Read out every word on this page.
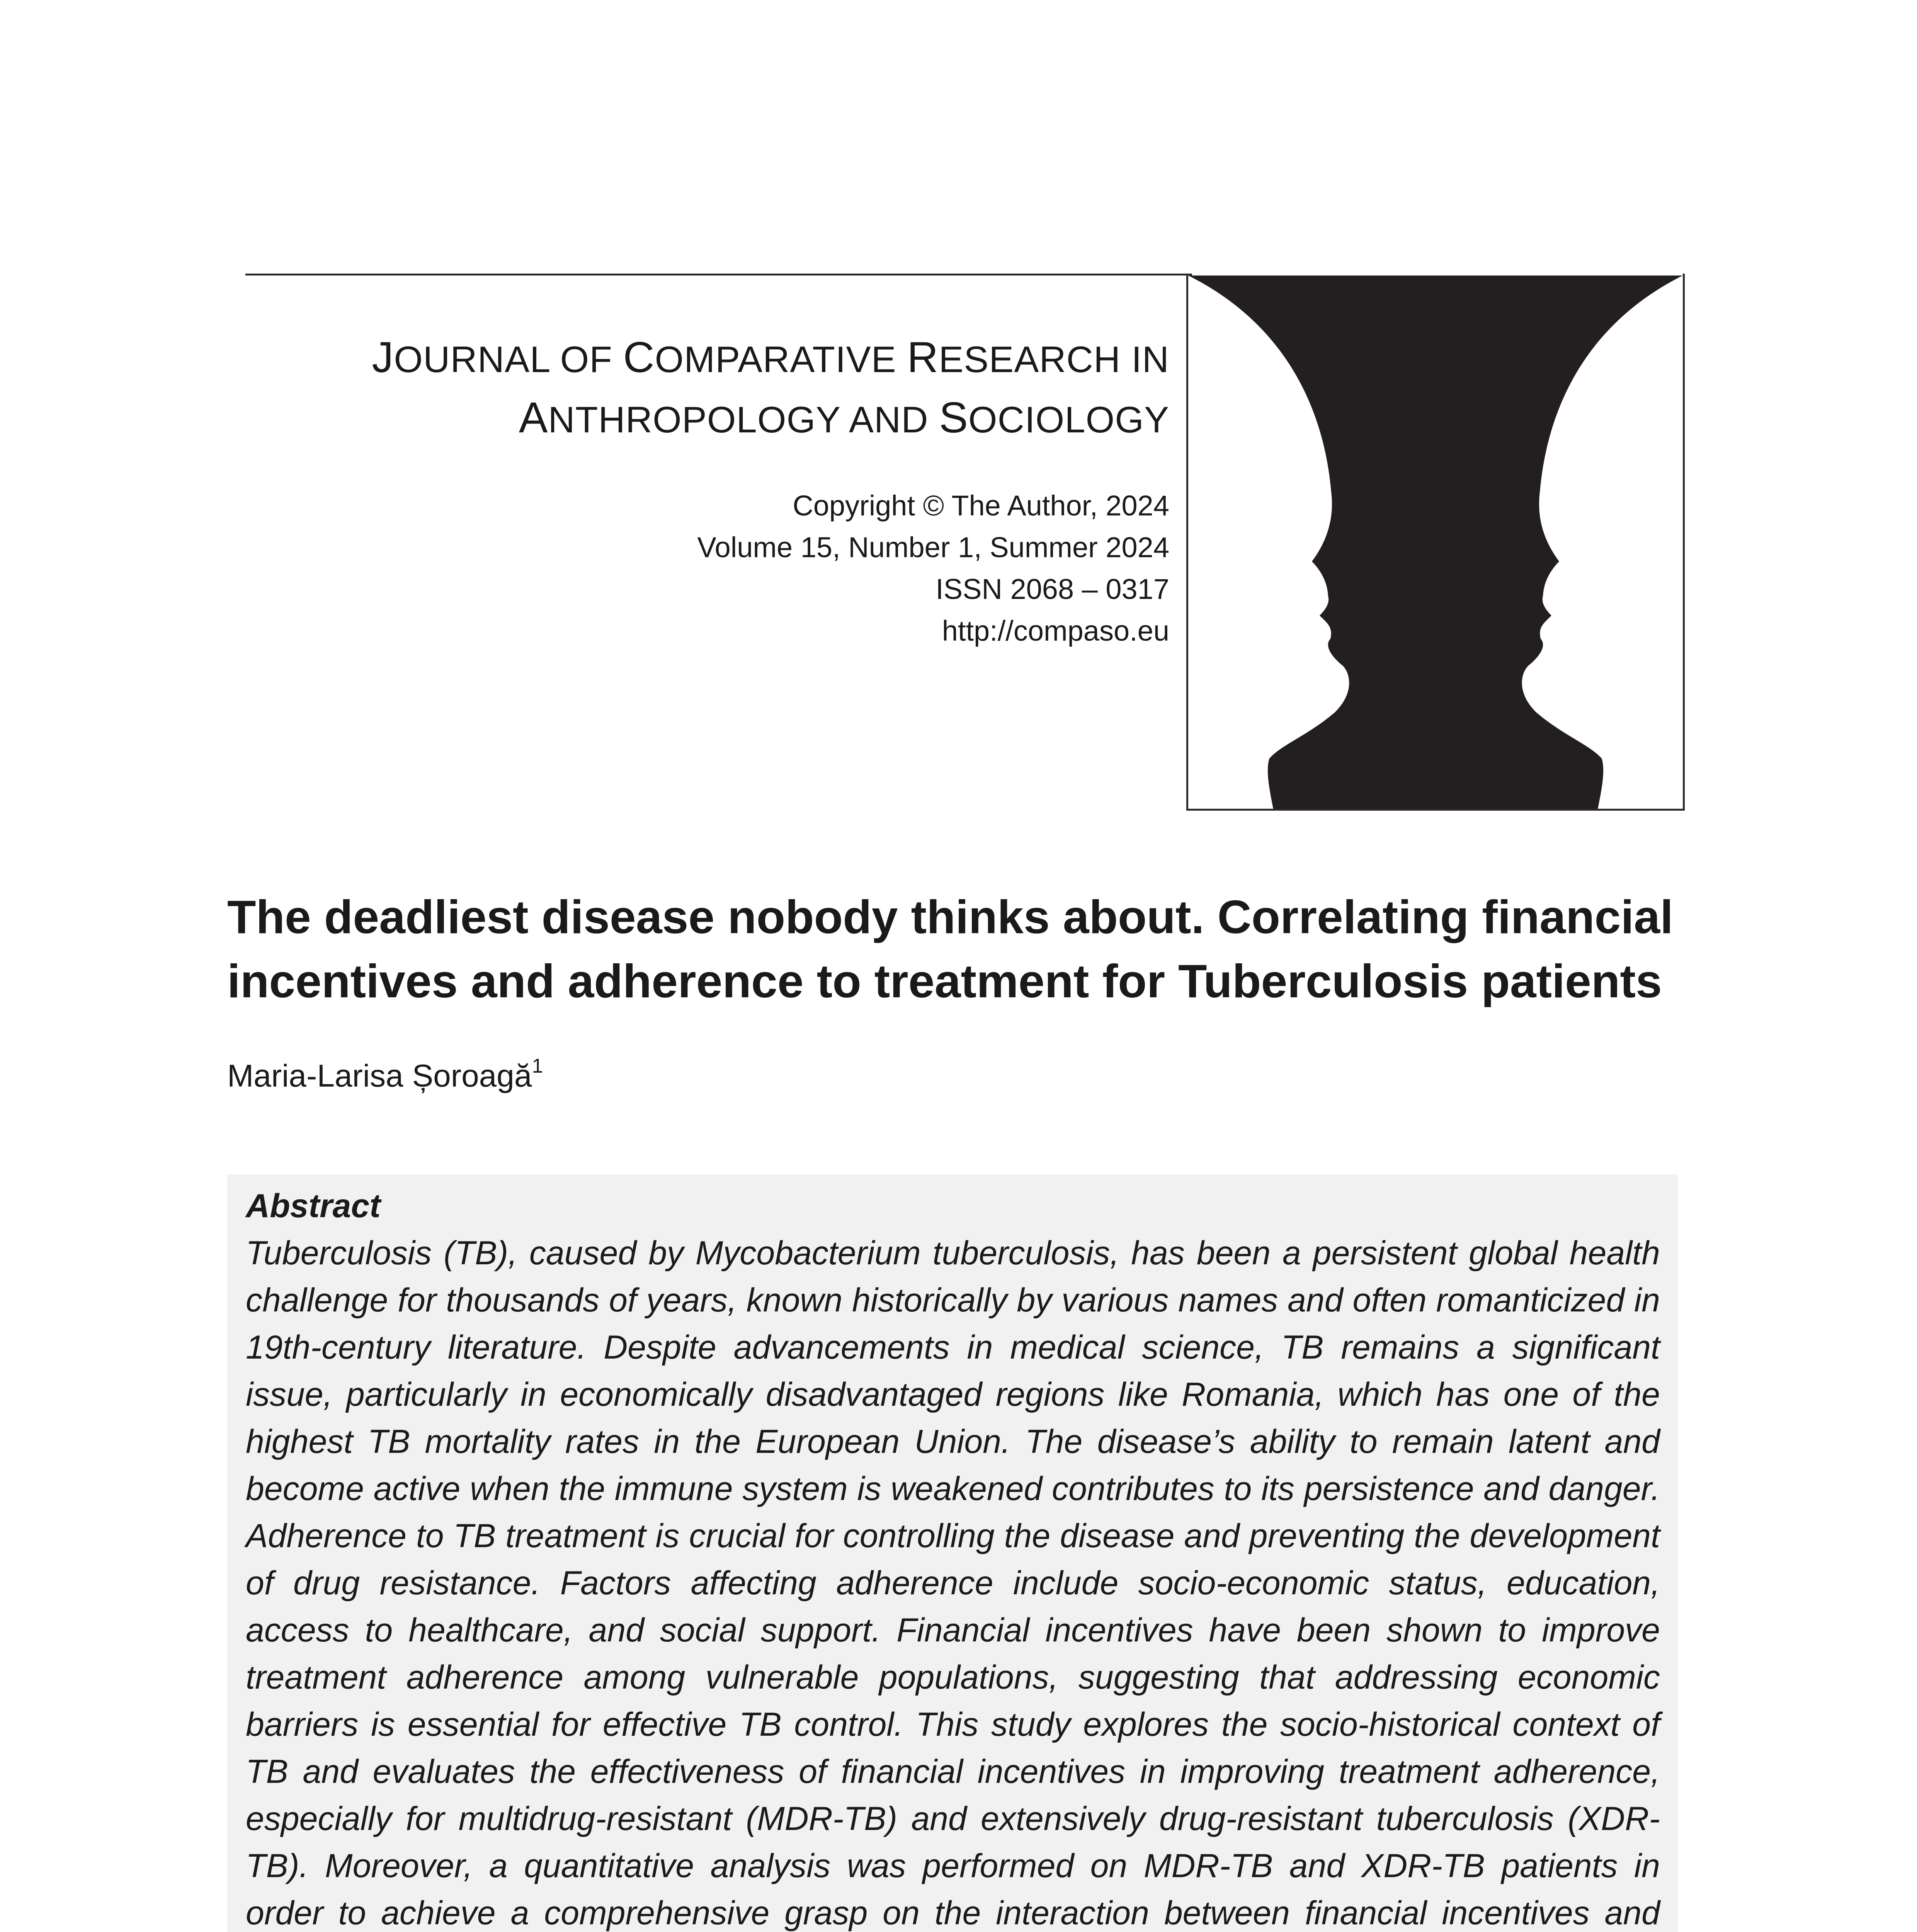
JOURNAL OF COMPARATIVE RESEARCH IN
ANTHROPOLOGY AND SOCIOLOGY
Copyright © The Author, 2024
Volume 15, Number 1, Summer 2024
ISSN 2068 – 0317
http://compaso.eu
The deadliest disease nobody thinks about. Correlating financial
incentives and adherence to treatment for Tuberculosis patients
Maria-Larisa Șoroagă$^1$
Abstract
Tuberculosis (TB), caused by Mycobacterium tuberculosis, has been a persistent global health challenge for thousands of years, known historically by various names and often romanticized in 19th-century literature. Despite advancements in medical science, TB remains a significant issue, particularly in economically disadvantaged regions like Romania, which has one of the highest TB mortality rates in the European Union. The disease’s ability to remain latent and become active when the immune system is weakened contributes to its persistence and danger. Adherence to TB treatment is crucial for controlling the disease and preventing the development of drug resistance. Factors affecting adherence include socio-economic status, education, access to healthcare, and social support. Financial incentives have been shown to improve treatment adherence among vulnerable populations, suggesting that addressing economic barriers is essential for effective TB control. This study explores the socio-historical context of TB and evaluates the effectiveness of financial incentives in improving treatment adherence, especially for multidrug-resistant (MDR-TB) and extensively drug-resistant tuberculosis (XDR-TB). Moreover, a quantitative analysis was performed on MDR-TB and XDR-TB patients in order to achieve a comprehensive grasp on the interaction between financial incentives and
